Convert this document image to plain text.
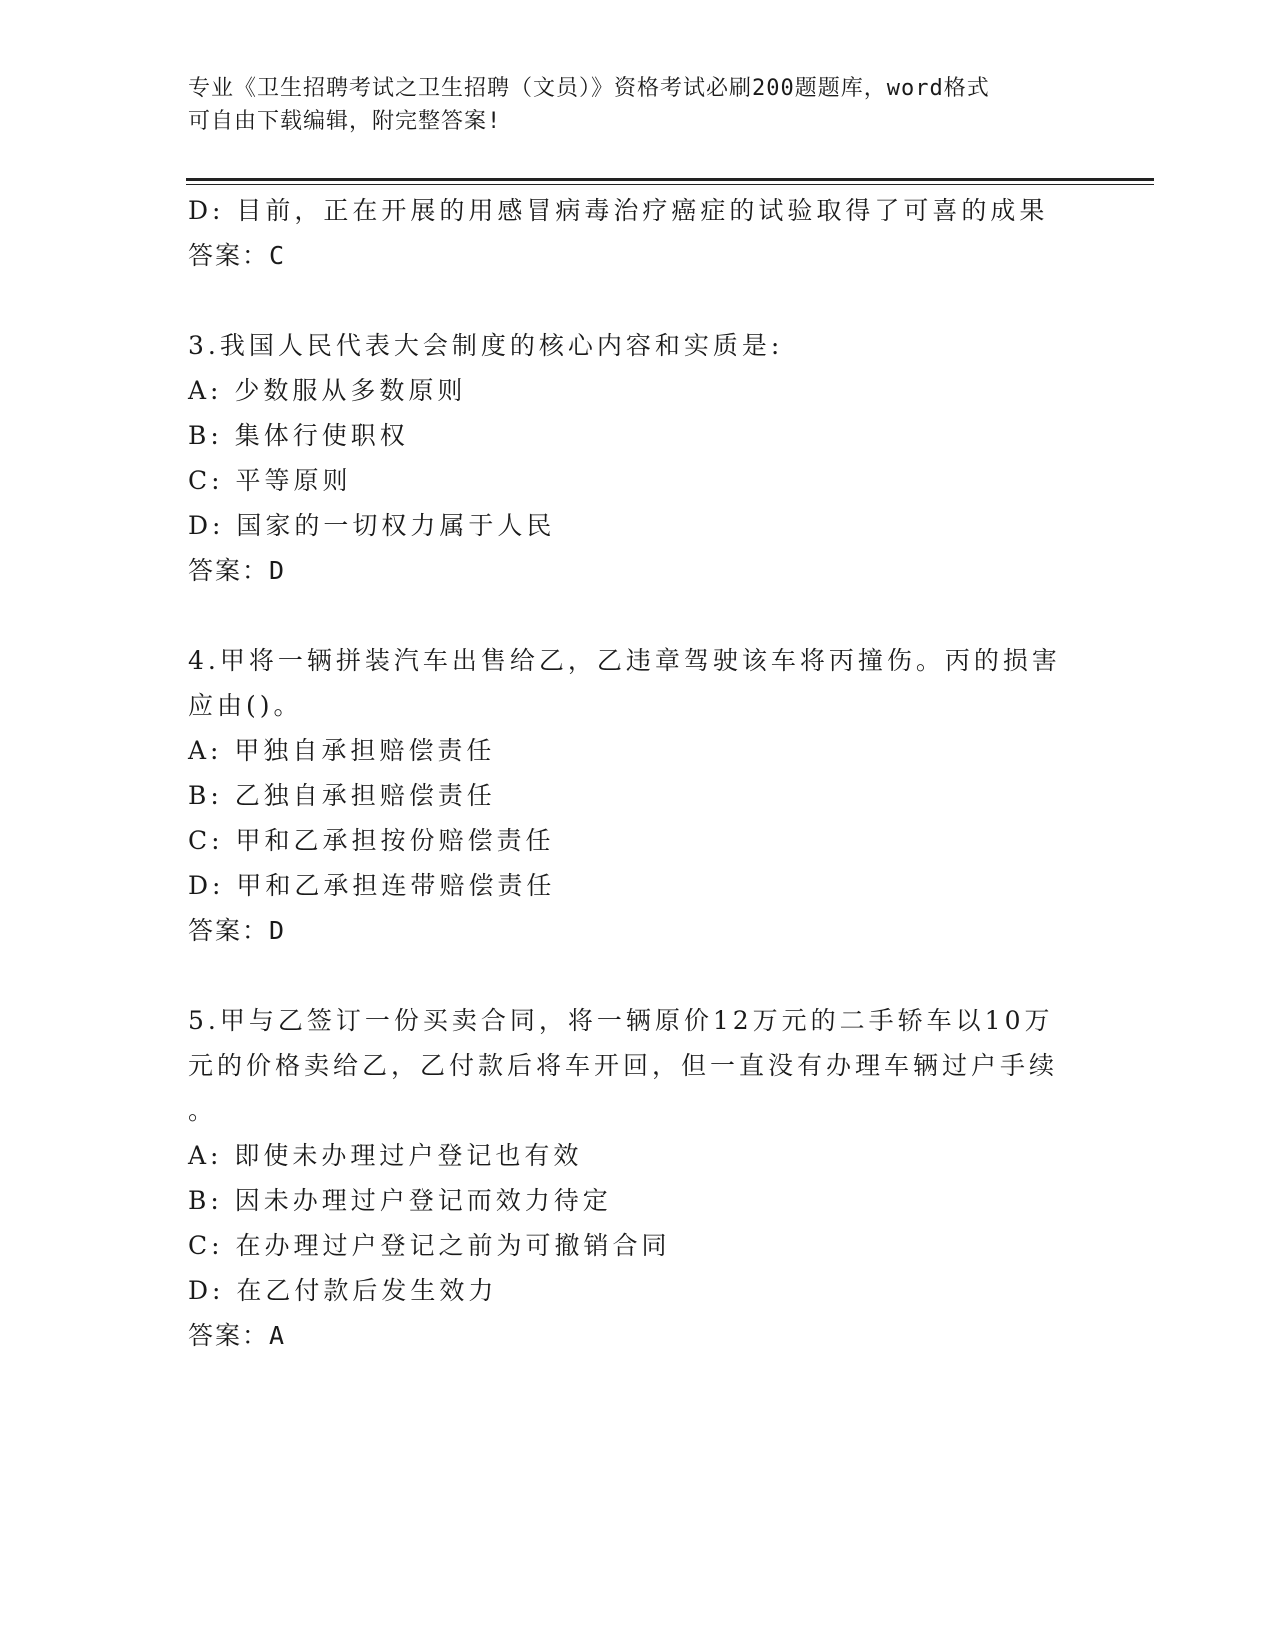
专业《卫生招聘考试之卫生招聘（文员）》资格考试必刷200题题库，word格式
可自由下载编辑，附完整答案!
D: 目前，正在开展的用感冒病毒治疗癌症的试验取得了可喜的成果
答案：C
3.我国人民代表大会制度的核心内容和实质是:
A: 少数服从多数原则
B: 集体行使职权
C: 平等原则
D: 国家的一切权力属于人民
答案：D
4.甲将一辆拼装汽车出售给乙，乙违章驾驶该车将丙撞伤。丙的损害
应由()。
A: 甲独自承担赔偿责任
B: 乙独自承担赔偿责任
C: 甲和乙承担按份赔偿责任
D: 甲和乙承担连带赔偿责任
答案：D
5.甲与乙签订一份买卖合同，将一辆原价12万元的二手轿车以10万
元的价格卖给乙，乙付款后将车开回，但一直没有办理车辆过户手续
。
A: 即使未办理过户登记也有效
B: 因未办理过户登记而效力待定
C: 在办理过户登记之前为可撤销合同
D: 在乙付款后发生效力
答案：A
